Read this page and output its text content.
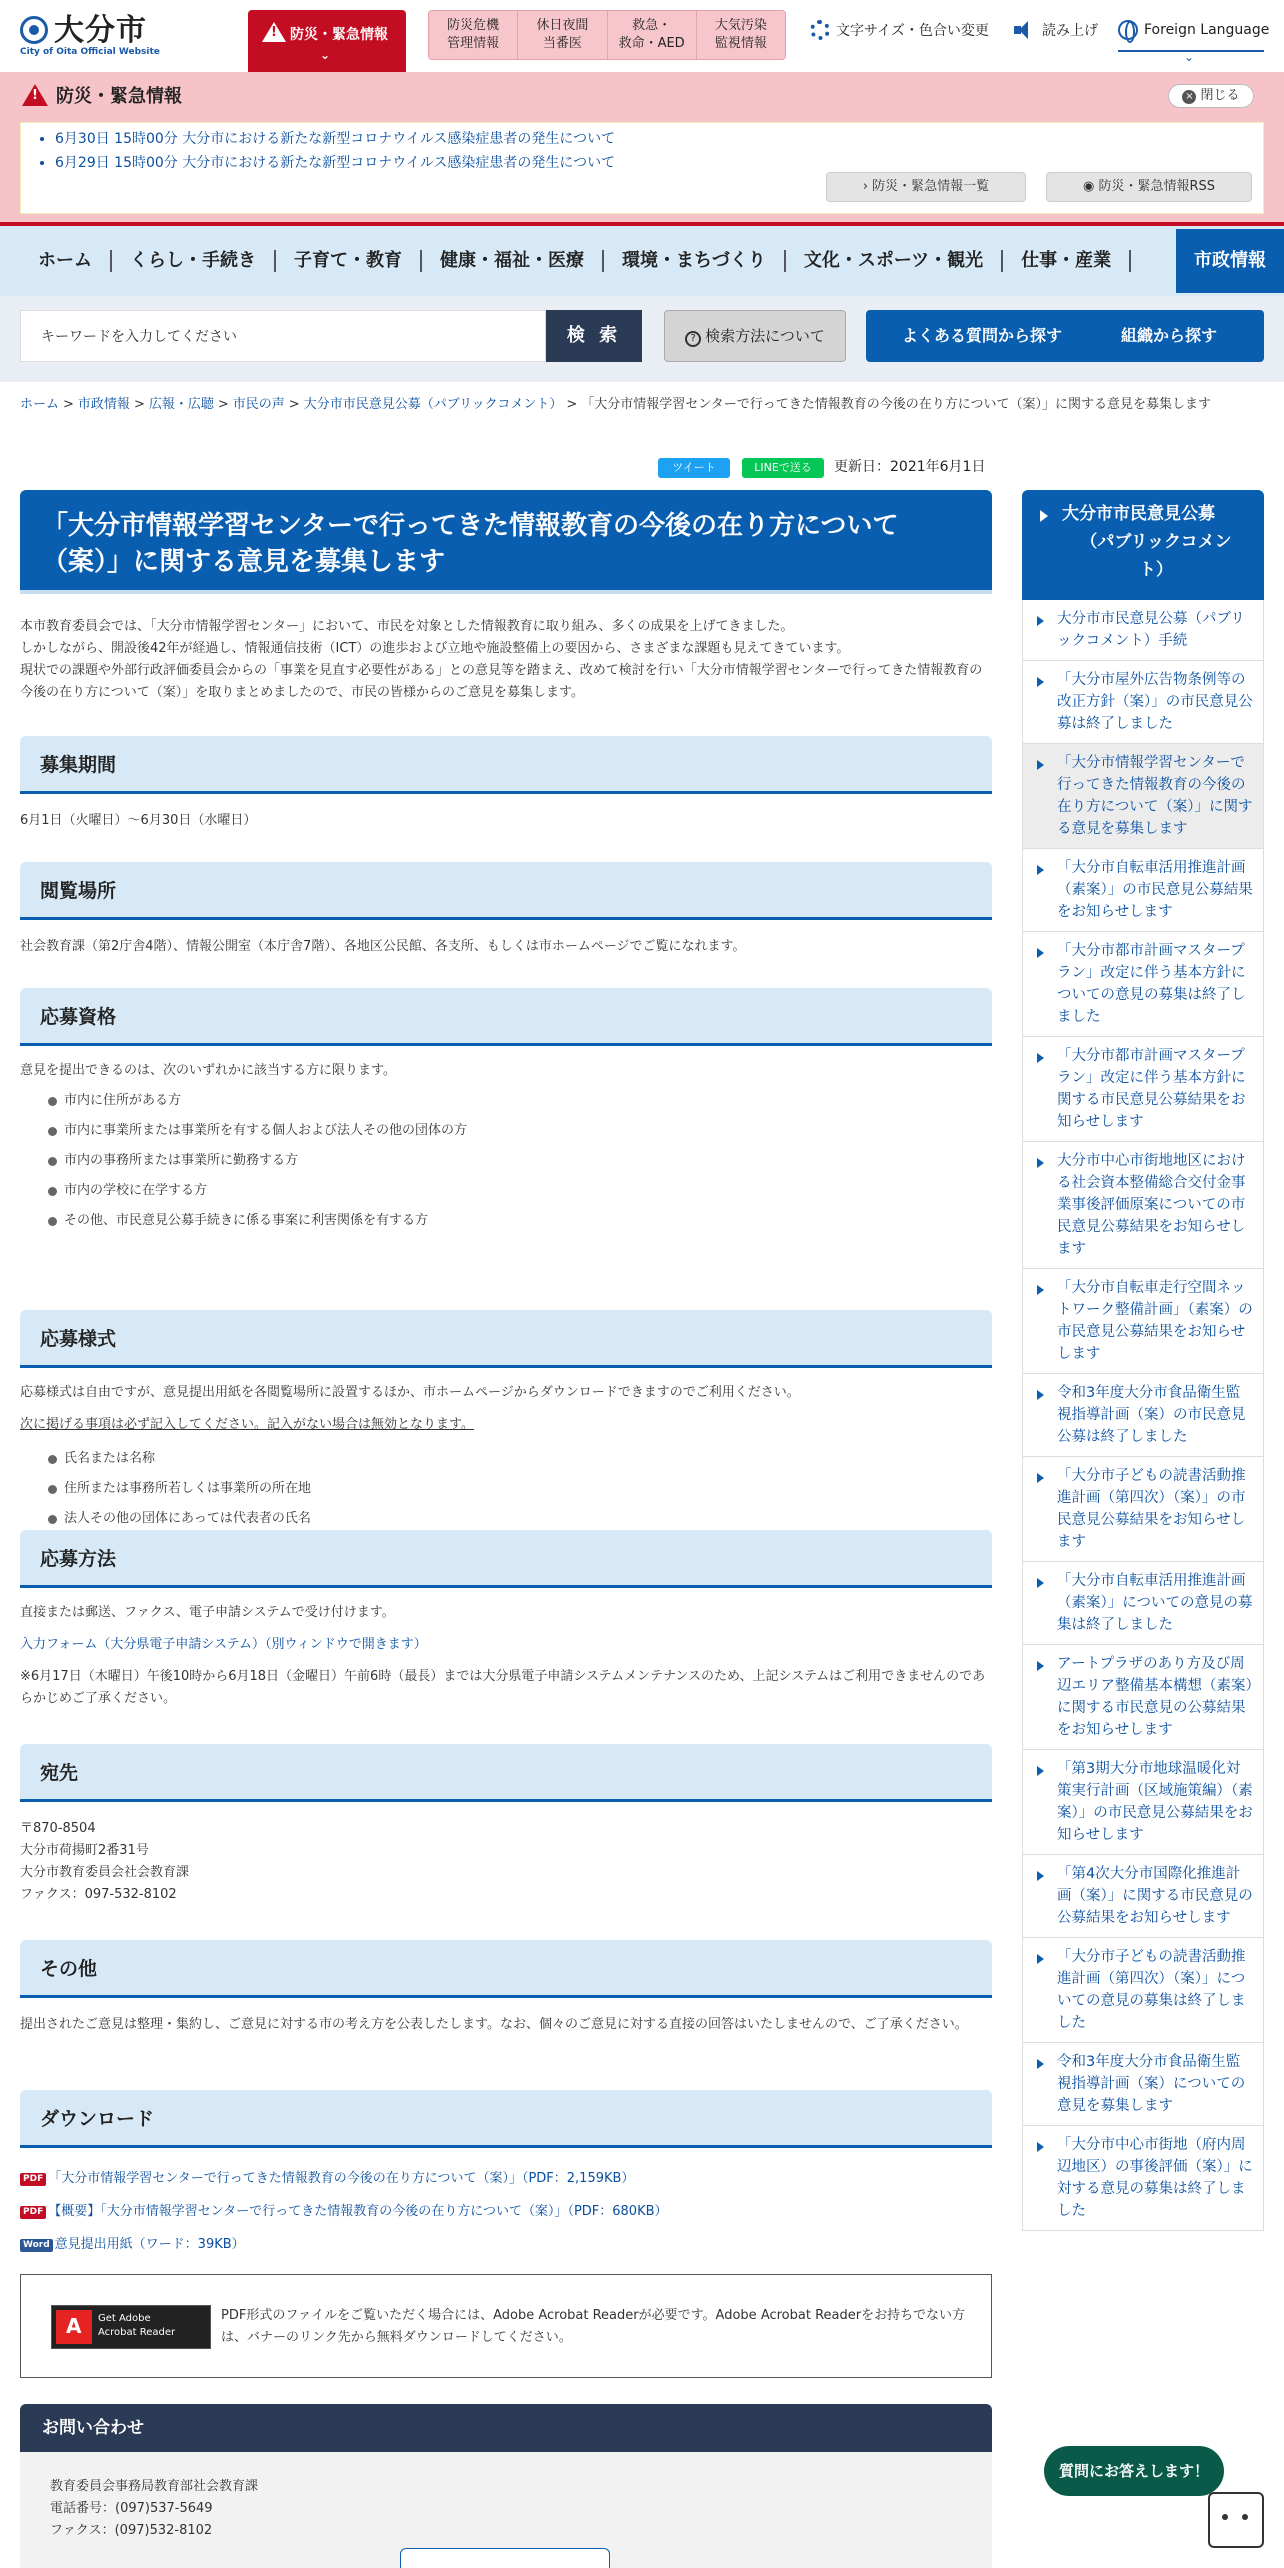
大分市
City of Oita Official Website
!
防災・緊急情報
⌄
防災危機
管理情報
休日夜間
当番医
救急・
救命・AED
大気汚染
監視情報
文字サイズ・色合い変更	読み上げ	Foreign Language
⌄
!
防災・緊急情報	× 閉じる
• 6月30日 15時00分 大分市における新たな新型コロナウイルス感染症患者の発生について
• 6月29日 15時00分 大分市における新たな新型コロナウイルス感染症患者の発生について
› 防災・緊急情報一覧	◉ 防災・緊急情報RSS
ホーム	くらし・手続き	子育て・教育	健康・福祉・医療	環境・まちづくり	文化・スポーツ・観光	仕事・産業	市政情報
キーワードを入力してください	検 索	? 検索方法について	よくある質問から探す	組織から探す
ホーム > 市政情報 > 広報・広聴 > 市民の声 > 大分市市民意見公募（パブリックコメント） > 「大分市情報学習センターで行ってきた情報教育の今後の在り方について（案）」に関する意見を募集します
ツイート	LINEで送る	更新日：2021年6月1日
「大分市情報学習センターで行ってきた情報教育の今後の在り方について（案）」に関する意見を募集します

本市教育委員会では、「大分市情報学習センター」において、市民を対象とした情報教育に取り組み、多くの成果を上げてきました。

しかしながら、開設後42年が経過し、情報通信技術（ICT）の進歩および立地や施設整備上の要因から、さまざまな課題も見えてきています。

現状での課題や外部行政評価委員会からの「事業を見直す必要性がある」との意見等を踏まえ、改めて検討を行い「大分市情報学習センターで行ってきた情報教育の今後の在り方について（案）」を取りまとめましたので、市民の皆様からのご意見を募集します。

募集期間

6月1日（火曜日）～6月30日（水曜日）

閲覧場所

社会教育課（第2庁舎4階）、情報公開室（本庁舎7階）、各地区公民館、各支所、もしくは市ホームページでご覧になれます。

応募資格

意見を提出できるのは、次のいずれかに該当する方に限ります。

市内に住所がある方
市内に事業所または事業所を有する個人および法人その他の団体の方
市内の事務所または事業所に勤務する方
市内の学校に在学する方
その他、市民意見公募手続きに係る事案に利害関係を有する方
応募様式

応募様式は自由ですが、意見提出用紙を各閲覧場所に設置するほか、市ホームページからダウンロードできますのでご利用ください。

次に掲げる事項は必ず記入してください。記入がない場合は無効となります。

氏名または名称
住所または事務所若しくは事業所の所在地
法人その他の団体にあっては代表者の氏名
応募方法

直接または郵送、ファクス、電子申請システムで受け付けます。

入力フォーム（大分県電子申請システム）（別ウィンドウで開きます）

※6月17日（木曜日）午後10時から6月18日（金曜日）午前6時（最長）までは大分県電子申請システムメンテナンスのため、上記システムはご利用できませんのであらかじめご了承ください。

宛先

〒870-8504

大分市荷揚町2番31号

大分市教育委員会社会教育課

ファクス：097-532-8102

その他

提出されたご意見は整理・集約し、ご意見に対する市の考え方を公表したします。なお、個々のご意見に対する直接の回答はいたしませんので、ご了承ください。

ダウンロード
PDF 「大分市情報学習センターで行ってきた情報教育の今後の在り方について（案）」（PDF：2,159KB）
PDF 【概要】「大分市情報学習センターで行ってきた情報教育の今後の在り方について（案）」（PDF：680KB）
Word 意見提出用紙（ワード：39KB）
A
Get Adobe
Acrobat Reader

PDF形式のファイルをご覧いただく場合には、Adobe Acrobat Readerが必要です。Adobe Acrobat Readerをお持ちでない方は、バナーのリンク先から無料ダウンロードしてください。

お問い合わせ

教育委員会事務局教育部社会教育課

電話番号：(097)537-5649

ファクス：(097)532-8102

大分市市民意見公募

（パブリックコメン
ト）
大分市市民意見公募（パブリックコメント）手続
「大分市屋外広告物条例等の改正方針（案）」の市民意見公募は終了しました
「大分市情報学習センターで行ってきた情報教育の今後の在り方について（案）」に関する意見を募集します
「大分市自転車活用推進計画（素案）」の市民意見公募結果をお知らせします
「大分市都市計画マスタープラン」改定に伴う基本方針についての意見の募集は終了しました
「大分市都市計画マスタープラン」改定に伴う基本方針に関する市民意見公募結果をお知らせします
大分市中心市街地地区における社会資本整備総合交付金事業事後評価原案についての市民意見公募結果をお知らせします
「大分市自転車走行空間ネットワーク整備計画」（素案）の市民意見公募結果をお知らせします
令和3年度大分市食品衛生監視指導計画（案）の市民意見公募は終了しました
「大分市子どもの読書活動推進計画（第四次）（案）」の市民意見公募結果をお知らせします
「大分市自転車活用推進計画（素案）」についての意見の募集は終了しました
アートプラザのあり方及び周辺エリア整備基本構想（素案）に関する市民意見の公募結果をお知らせします
「第3期大分市地球温暖化対策実行計画（区域施策編）（素案）」の市民意見公募結果をお知らせします
「第4次大分市国際化推進計画（案）」に関する市民意見の公募結果をお知らせします
「大分市子どもの読書活動推進計画（第四次）（案）」についての意見の募集は終了しました
令和3年度大分市食品衛生監視指導計画（案）についての意見を募集します
「大分市中心市街地（府内周辺地区）の事後評価（案）」に対する意見の募集は終了しました
質問にお答えします！
